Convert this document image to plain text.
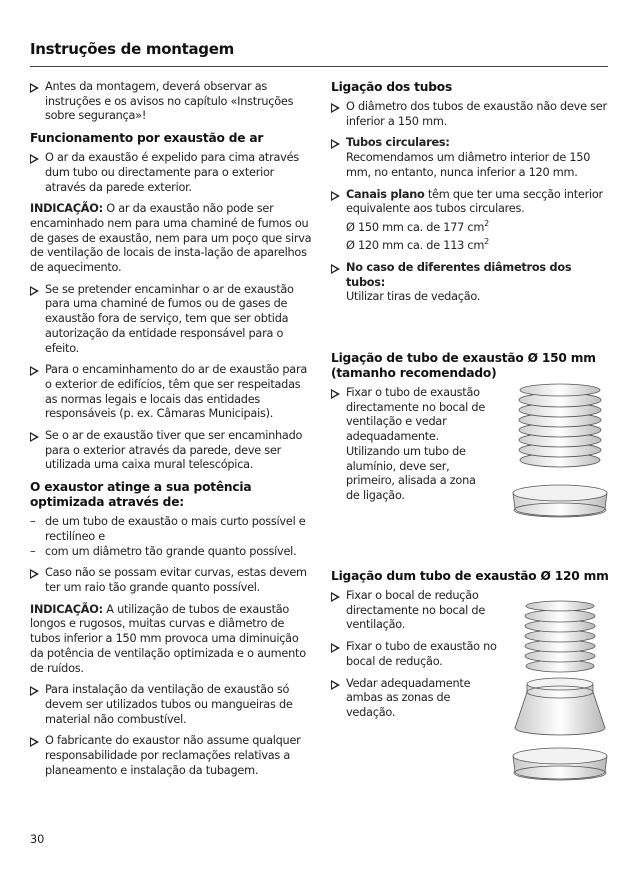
Instruções de montagem

Antes da montagem, deverá observar as instruções e os avisos no capítulo «Instruções sobre segurança»!

Funcionamento por exaustão de ar

O ar da exaustão é expelido para cima através dum tubo ou directamente para o exterior através da parede exterior.

INDICAÇÃO: O ar da exaustão não pode ser encaminhado nem para uma chaminé de fumos ou de gases de exaustão, nem para um poço que sirva de ventilação de locais de insta-lação de aparelhos de aquecimento.

Se se pretender encaminhar o ar de exaustão para uma chaminé de fumos ou de gases de exaustão fora de serviço, tem que ser obtida autorização da entidade responsável para o efeito.

Para o encaminhamento do ar de exaustão para o exterior de edifícios, têm que ser respeitadas as normas legais e locais das entidades responsáveis (p. ex. Câmaras Municipais).

Se o ar de exaustão tiver que ser encaminhado para o exterior através da parede, deve ser utilizada uma caixa mural telescópica.

O exaustor atinge a sua potência optimizada através de:
– de um tubo de exaustão o mais curto possível e rectilíneo e
– com um diâmetro tão grande quanto possível.

Caso não se possam evitar curvas, estas devem ter um raio tão grande quanto possível.

INDICAÇÃO: A utilização de tubos de exaustão longos e rugosos, muitas curvas e diâmetro de tubos inferior a 150 mm provoca uma diminuição da potência de ventilação optimizada e o aumento de ruídos.

Para instalação da ventilação de exaustão só devem ser utilizados tubos ou mangueiras de material não combustível.

O fabricante do exaustor não assume qualquer responsabilidade por reclamações relativas a planeamento e instalação da tubagem.

Ligação dos tubos

O diâmetro dos tubos de exaustão não deve ser inferior a 150 mm.

Tubos circulares:
Recomendamos um diâmetro interior de 150 mm, no entanto, nunca inferior a 120 mm.

Canais plano têm que ter uma secção interior equivalente aos tubos circulares.
Ø 150 mm ca. de 177 $cm^2$
Ø 120 mm ca. de 113 $cm^2$

No caso de diferentes diâmetros dos tubos:
Utilizar tiras de vedação.

Ligação de tubo de exaustão Ø 150 mm (tamanho recomendado)

Fixar o tubo de exaustão directamente no bocal de ventilação e vedar adequadamente. Utilizando um tubo de alumínio, deve ser, primeiro, alisada a zona de ligação.

Ligação dum tubo de exaustão Ø 120 mm

Fixar o bocal de redução directamente no bocal de ventilação.

Fixar o tubo de exaustão no bocal de redução.

Vedar adequadamente ambas as zonas de vedação.

30
